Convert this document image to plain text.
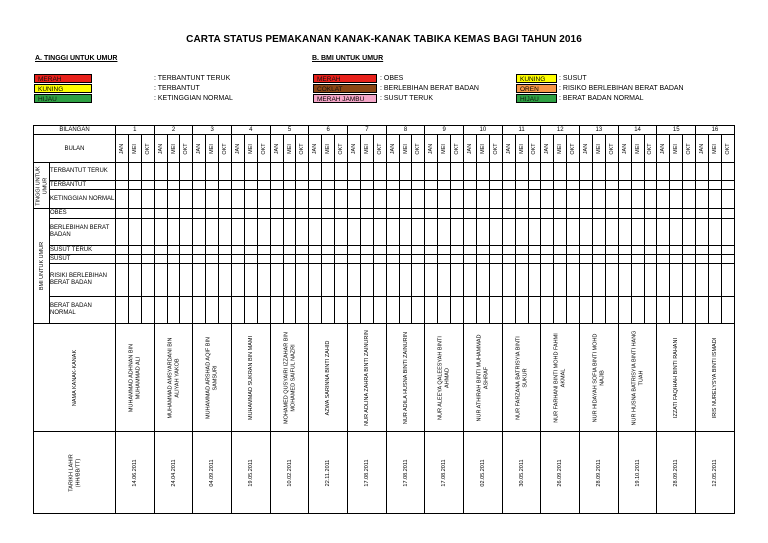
CARTA STATUS PEMAKANAN KANAK-KANAK TABIKA KEMAS BAGI TAHUN 2016
A. TINGGI UNTUK UMUR
MERAH	: TERBANTUNT TERUK
KUNING	: TERBANTUT
HIJAU	: KETINGGIAN NORMAL
B. BMI UNTUK UMUR
MERAH	: OBES
COKLAT	: BERLEBIHAN BERAT BADAN
MERAH JAMBU	: SUSUT TERUK
KUNING	: SUSUT
OREN	: RISIKO BERLEBIHAN BERAT BADAN
HIJAU	: BERAT BADAN NORMAL
BILANGAN		1			2			3			4			5			6			7			8			9			10			11			12			13			14			15			16		
BULAN		JAN	MEI	OKT	JAN	MEI	OKT	JAN	MEI	OKT	JAN	MEI	OKT	JAN	MEI	OKT	JAN	MEI	OKT	JAN	MEI	OKT	JAN	MEI	OKT	JAN	MEI	OKT	JAN	MEI	OKT	JAN	MEI	OKT	JAN	MEI	OKT	JAN	MEI	OKT	JAN	MEI	OKT	JAN	MEI	OKT	JAN	MEI	OKT

TINGGI UNTUK UMUR	TERBANTUT TERUK																																																
	TERBANTUT																																																
	KETINGGIAN NORMAL																																																

BMI UNTUK UMUR	OBES																																																
	BERLEBIHAN BERAT BADAN																																																
	SUSUT TERUK																																																
	SUSUT																																																
	RISIKI BERLEBIHAN BERAT BADAN																																																
	BERAT BADAN NORMAL																																																

NAMA KANAK-KANAK		MUHAMMAD ADHNAN BIN MUHAMMAD ALI			MUHAMMAD AMSYARDANI BIN ALIYAH YAKOB			MUHAMMAD ARSHAD AQIF BIN SAMSURI			MUHAMMAD SUKRAN BIN MAMI			MOHAMED QUSYAIRI IZZAHAR BIN MOHAMED SAIFUL NAZRI			AZWA SARINNA BINTI ZAHID			NUR ADLINA ZAHRA BINTI ZAINURIN			NUR ADILA HUSNA BINTI ZAINURIN			NUR ALEEYA QALEESYAH BINTI AHMAD			NUR ATHIRAH BINTI MUHAMMAD ASHRAF			NUR FARZANA BATRISYIA BINTI SUKUR			NUR FARHANI BINTI MOHD FAHMI AKMAL			NUR HIDAYAH SOFIA BINTI MOHD NAJIB			NUR HUSNA BATRISYIA BINTI HANG TUAH			IZZATI FAQIHAH BINTI RAHANI			IRIS NURELYSYA BINTI ISMADI		

TARIKH LAHIR (HH/BB/TT)		14.06.2011			24.04.2011			04.09.2011			19.05.2011			10.02.2011			22.11.2011			17.08.2011			17.08.2011			17.08.2011			02.05.2011			30.05.2011			26.09.2011			28.09.2011			19.10.2011			28.09.2011			12.05.2011		
